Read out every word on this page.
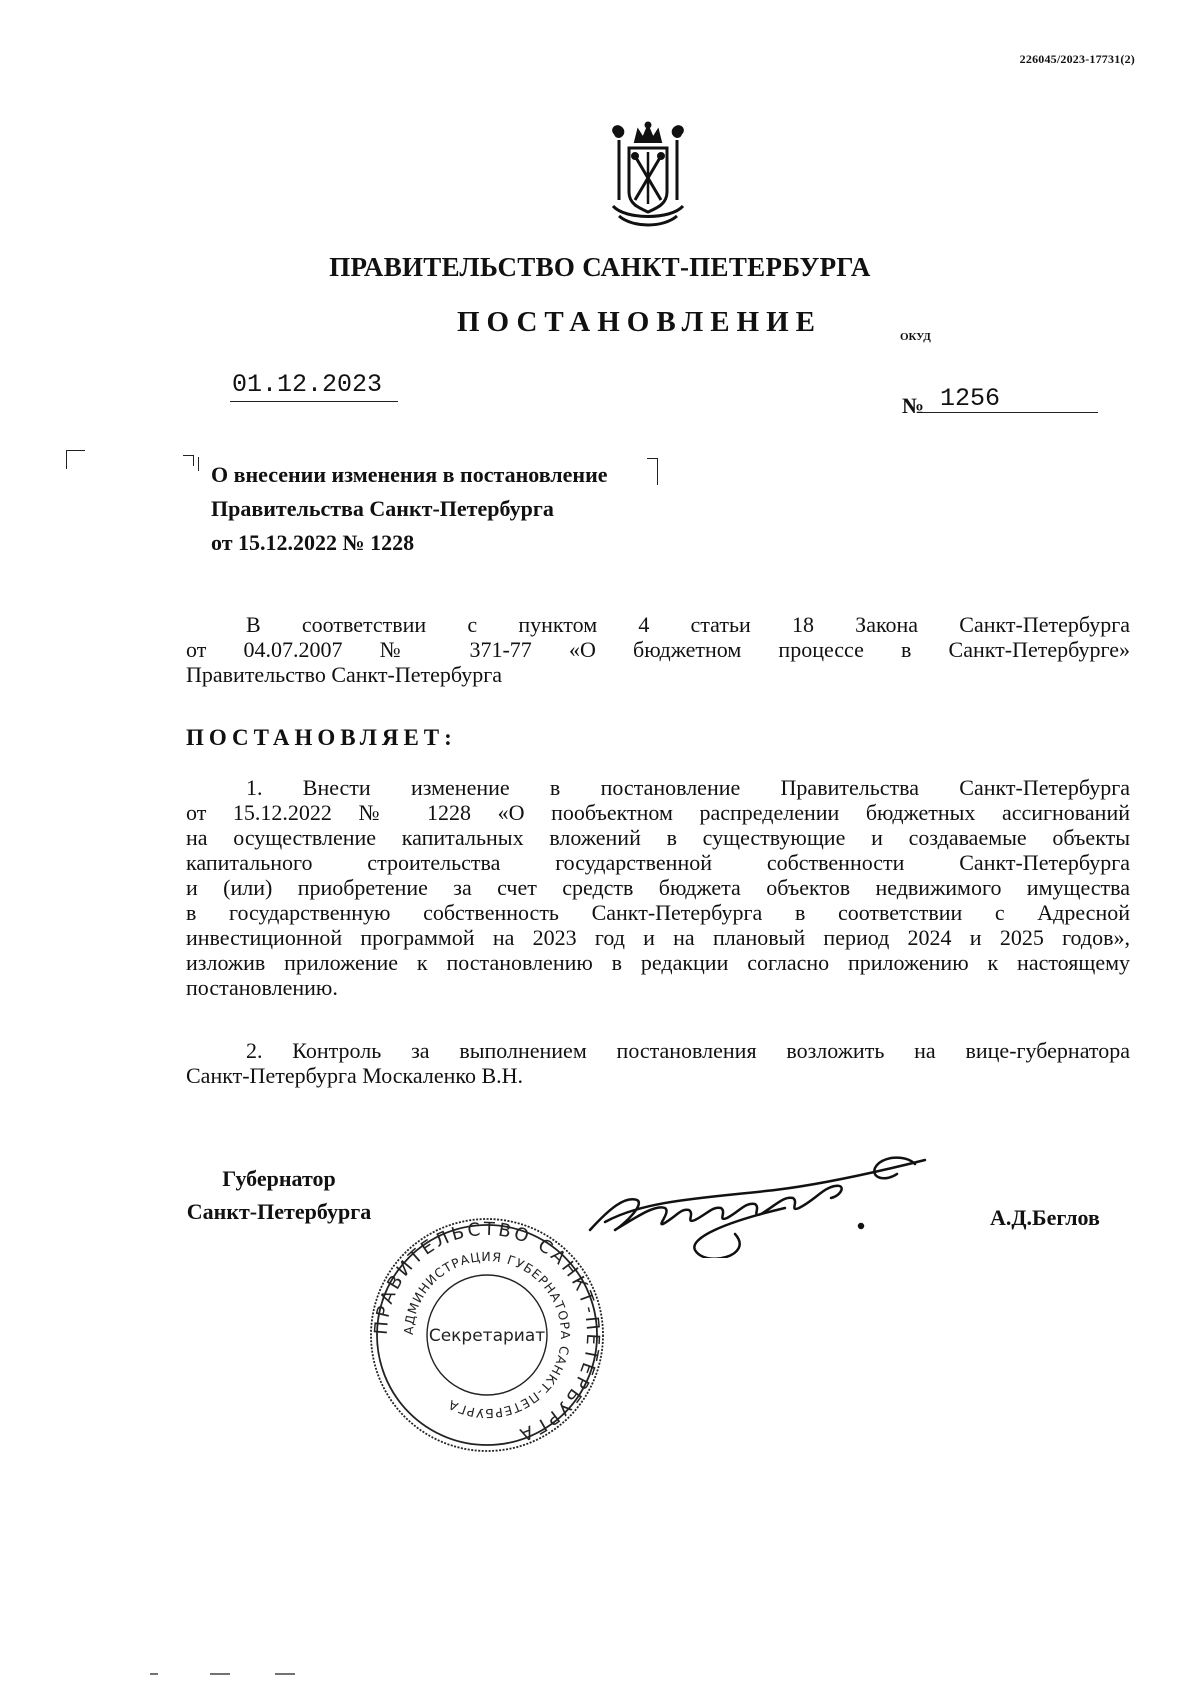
226045/2023-17731(2)
ПРАВИТЕЛЬСТВО САНКТ-ПЕТЕРБУРГА
ПОСТАНОВЛЕНИЕ	ОКУД
01.12.2023
№ 1256
О внесении изменения в постановление
Правительства Санкт-Петербурга
от 15.12.2022 № 1228
В соответствии с пунктом 4 статьи 18 Закона Санкт-Петербурга
от 04.07.2007 № 371-77 «О бюджетном процессе в Санкт-Петербурге»
Правительство Санкт-Петербурга
ПОСТАНОВЛЯЕТ:
1. Внести изменение в постановление Правительства Санкт-Петербурга
от 15.12.2022 № 1228 «О пообъектном распределении бюджетных ассигнований
на осуществление капитальных вложений в существующие и создаваемые объекты
капитального строительства государственной собственности Санкт-Петербурга
и (или) приобретение за счет средств бюджета объектов недвижимого имущества
в государственную собственность Санкт-Петербурга в соответствии с Адресной
инвестиционной программой на 2023 год и на плановый период 2024 и 2025 годов»,
изложив приложение к постановлению в редакции согласно приложению к настоящему
постановлению.
2. Контроль за выполнением постановления возложить на вице-губернатора
Санкт-Петербурга Москаленко В.Н.
Губернатор
Санкт-Петербурга	А.Д.Беглов
ПРАВИТЕЛЬСТВО САНКТ-ПЕТЕРБУРГА
АДМИНИСТРАЦИЯ ГУБЕРНАТОРА САНКТ-ПЕТЕРБУРГА
Секретариат
